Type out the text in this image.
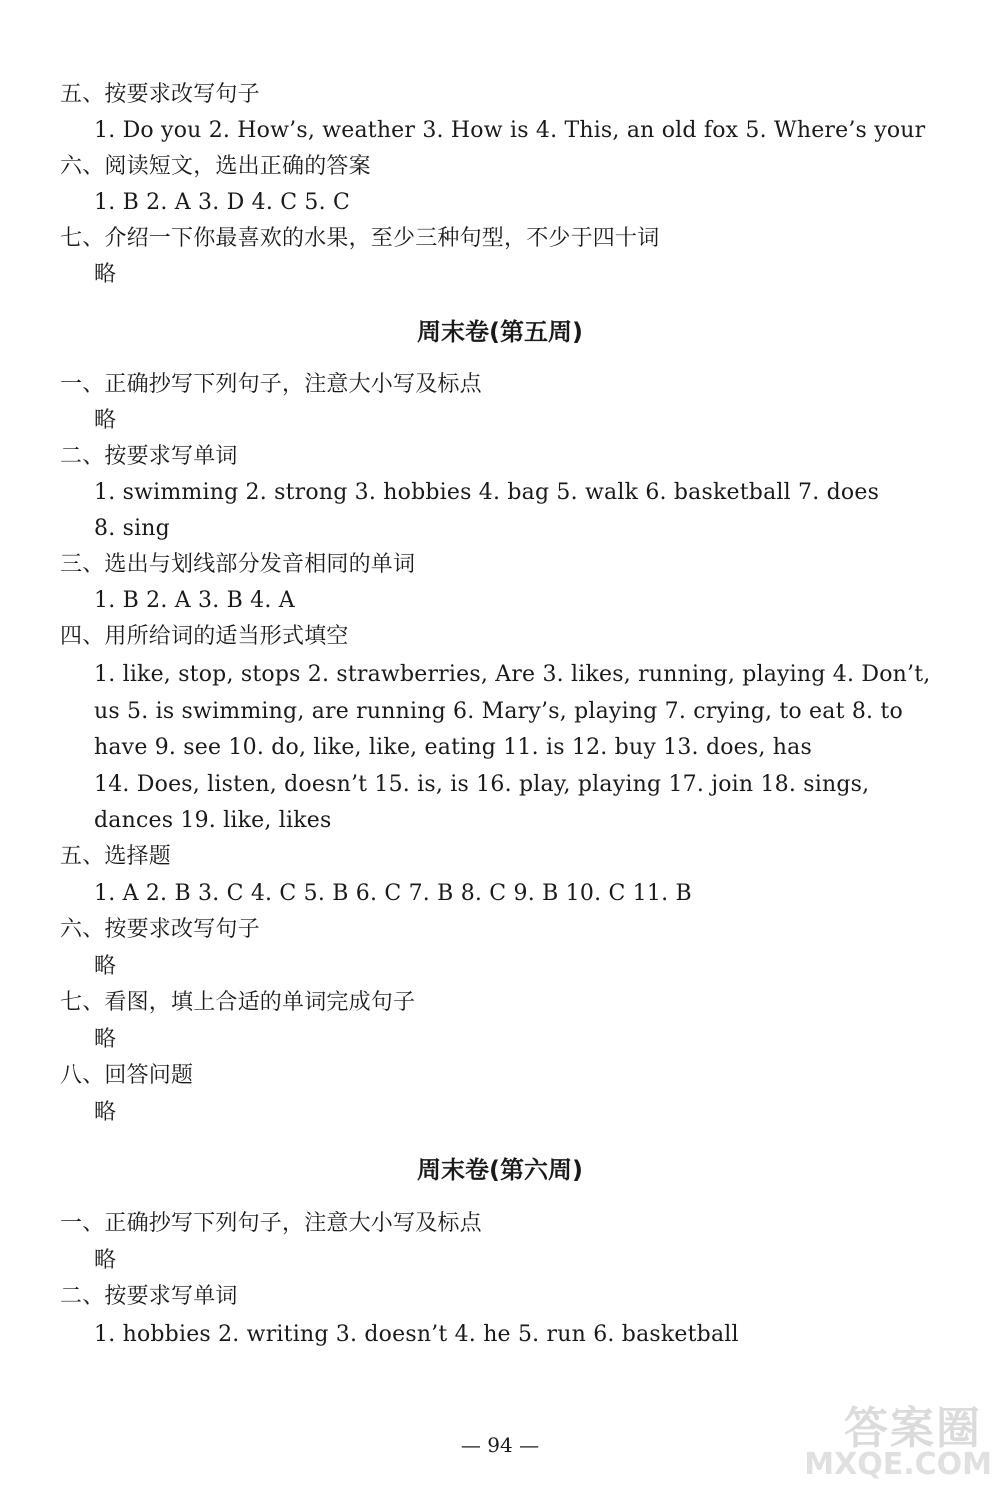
五、按要求改写句子
1. Do you 2. How’s, weather 3. How is 4. This, an old fox 5. Where’s your
六、阅读短文，选出正确的答案
1. B 2. A 3. D 4. C 5. C
七、介绍一下你最喜欢的水果，至少三种句型，不少于四十词
略
周末卷(第五周)
一、正确抄写下列句子，注意大小写及标点
略
二、按要求写单词
1. swimming 2. strong 3. hobbies 4. bag 5. walk 6. basketball 7. does
8. sing
三、选出与划线部分发音相同的单词
1. B 2. A 3. B 4. A
四、用所给词的适当形式填空
1. like, stop, stops 2. strawberries, Are 3. likes, running, playing 4. Don’t,
us 5. is swimming, are running 6. Mary’s, playing 7. crying, to eat 8. to
have 9. see 10. do, like, like, eating 11. is 12. buy 13. does, has
14. Does, listen, doesn’t 15. is, is 16. play, playing 17. join 18. sings,
dances 19. like, likes
五、选择题
1. A 2. B 3. C 4. C 5. B 6. C 7. B 8. C 9. B 10. C 11. B
六、按要求改写句子
略
七、看图，填上合适的单词完成句子
略
八、回答问题
略
周末卷(第六周)
一、正确抄写下列句子，注意大小写及标点
略
二、按要求写单词
1. hobbies 2. writing 3. doesn’t 4. he 5. run 6. basketball
— 94 —	答案圈
MXQE.COM
